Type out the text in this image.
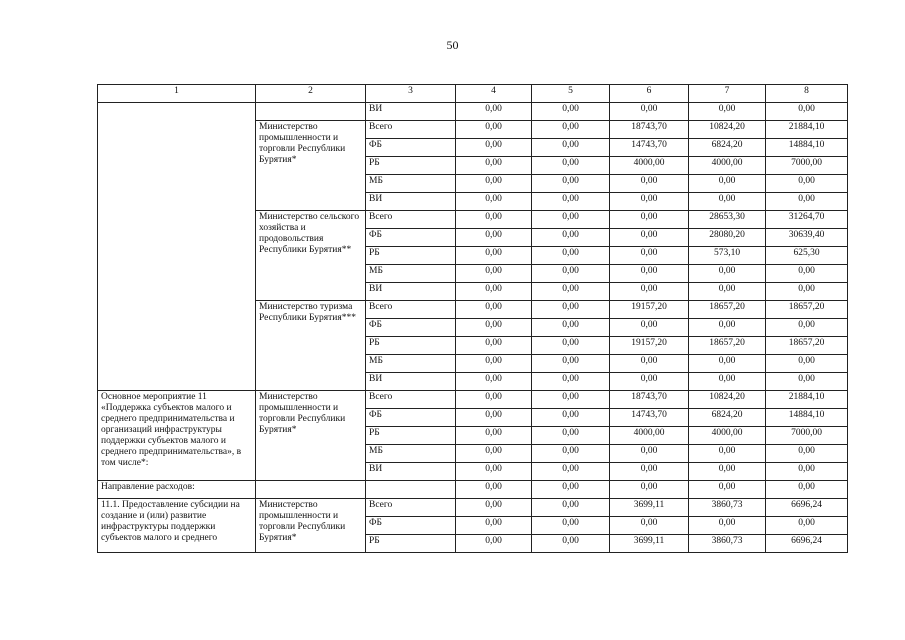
50
1	2	3	4	5	6	7	8
		ВИ	0,00	0,00	0,00	0,00	0,00
	Министерство промышленности и торговли Республики Бурятия*	Всего	0,00	0,00	18743,70	10824,20	21884,10
		ФБ	0,00	0,00	14743,70	6824,20	14884,10
		РБ	0,00	0,00	4000,00	4000,00	7000,00
		МБ	0,00	0,00	0,00	0,00	0,00
		ВИ	0,00	0,00	0,00	0,00	0,00
	Министерство сельского хозяйства и продовольствия Республики Бурятия**	Всего	0,00	0,00	0,00	28653,30	31264,70
		ФБ	0,00	0,00	0,00	28080,20	30639,40
		РБ	0,00	0,00	0,00	573,10	625,30
		МБ	0,00	0,00	0,00	0,00	0,00
		ВИ	0,00	0,00	0,00	0,00	0,00
	Министерство туризма Республики Бурятия***	Всего	0,00	0,00	19157,20	18657,20	18657,20
		ФБ	0,00	0,00	0,00	0,00	0,00
		РБ	0,00	0,00	19157,20	18657,20	18657,20
		МБ	0,00	0,00	0,00	0,00	0,00
		ВИ	0,00	0,00	0,00	0,00	0,00
Основное мероприятие 11 «Поддержка субъектов малого и среднего предпринимательства и организаций инфраструктуры поддержки субъектов малого и среднего предпринимательства», в том числе*:	Министерство промышленности и торговли Республики Бурятия*	Всего	0,00	0,00	18743,70	10824,20	21884,10
		ФБ	0,00	0,00	14743,70	6824,20	14884,10
		РБ	0,00	0,00	4000,00	4000,00	7000,00
		МБ	0,00	0,00	0,00	0,00	0,00
		ВИ	0,00	0,00	0,00	0,00	0,00
Направление расходов:			0,00	0,00	0,00	0,00	0,00
11.1. Предоставление субсидии на создание и (или) развитие инфраструктуры поддержки субъектов малого и среднего	Министерство промышленности и торговли Республики Бурятия*	Всего	0,00	0,00	3699,11	3860,73	6696,24
		ФБ	0,00	0,00	0,00	0,00	0,00
		РБ	0,00	0,00	3699,11	3860,73	6696,24
